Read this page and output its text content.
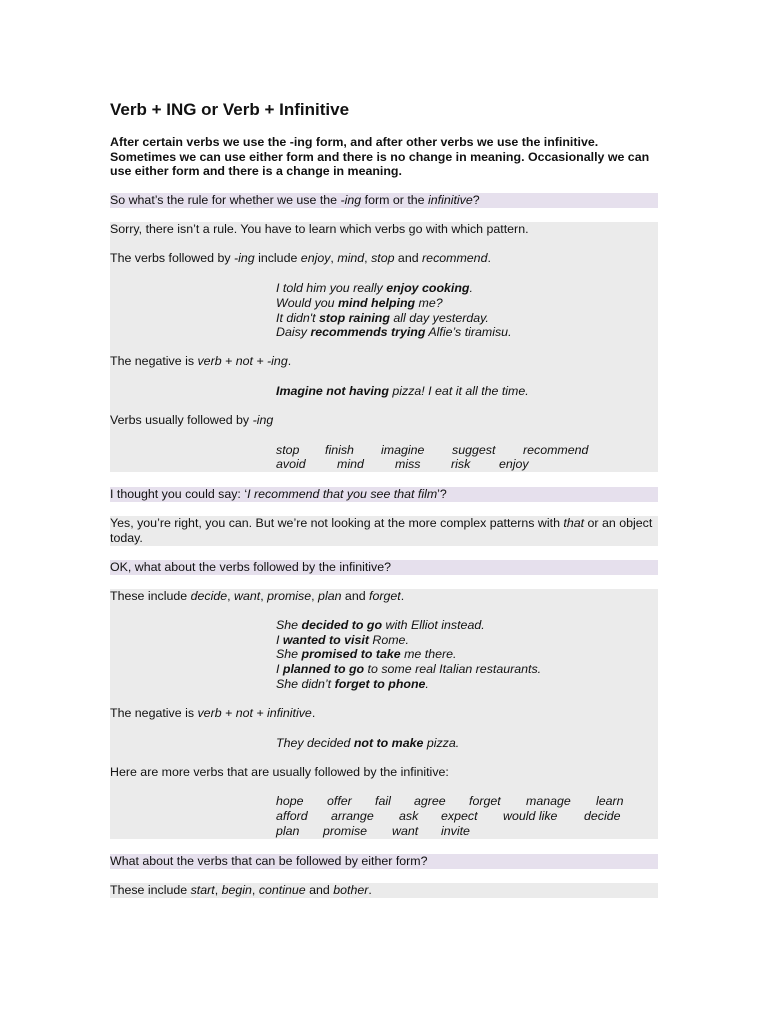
Verb + ING or Verb + Infinitive

After certain verbs we use the -ing form, and after other verbs we use the infinitive. Sometimes we can use either form and there is no change in meaning. Occasionally we can use either form and there is a change in meaning.

So what’s the rule for whether we use the -ing form or the infinitive?
Sorry, there isn’t a rule. You have to learn which verbs go with which pattern.
The verbs followed by -ing include enjoy, mind, stop and recommend.
I told him you really enjoy cooking.
Would you mind helping me?
It didn't stop raining all day yesterday.
Daisy recommends trying Alfie’s tiramisu.
The negative is verb + not + -ing.
Imagine not having pizza! I eat it all the time.
Verbs usually followed by -ing
stop finish imagine suggest recommend
avoid	mind	miss risk enjoy
I thought you could say: ‘I recommend that you see that film’?
Yes, you’re right, you can. But we’re not looking at the more complex patterns with that or an object today.
OK, what about the verbs followed by the infinitive?
These include decide, want, promise, plan and forget.
She decided to go with Elliot instead.
I wanted to visit Rome.
She promised to take me there.
I planned to go to some real Italian restaurants.
She didn’t forget to phone.
The negative is verb + not + infinitive.
They decided not to make pizza.
Here are more verbs that are usually followed by the infinitive:
hope offer fail agree forget manage learn
afford arrange ask expect would like decide
plan promise want invite
What about the verbs that can be followed by either form?
These include start, begin, continue and bother.
